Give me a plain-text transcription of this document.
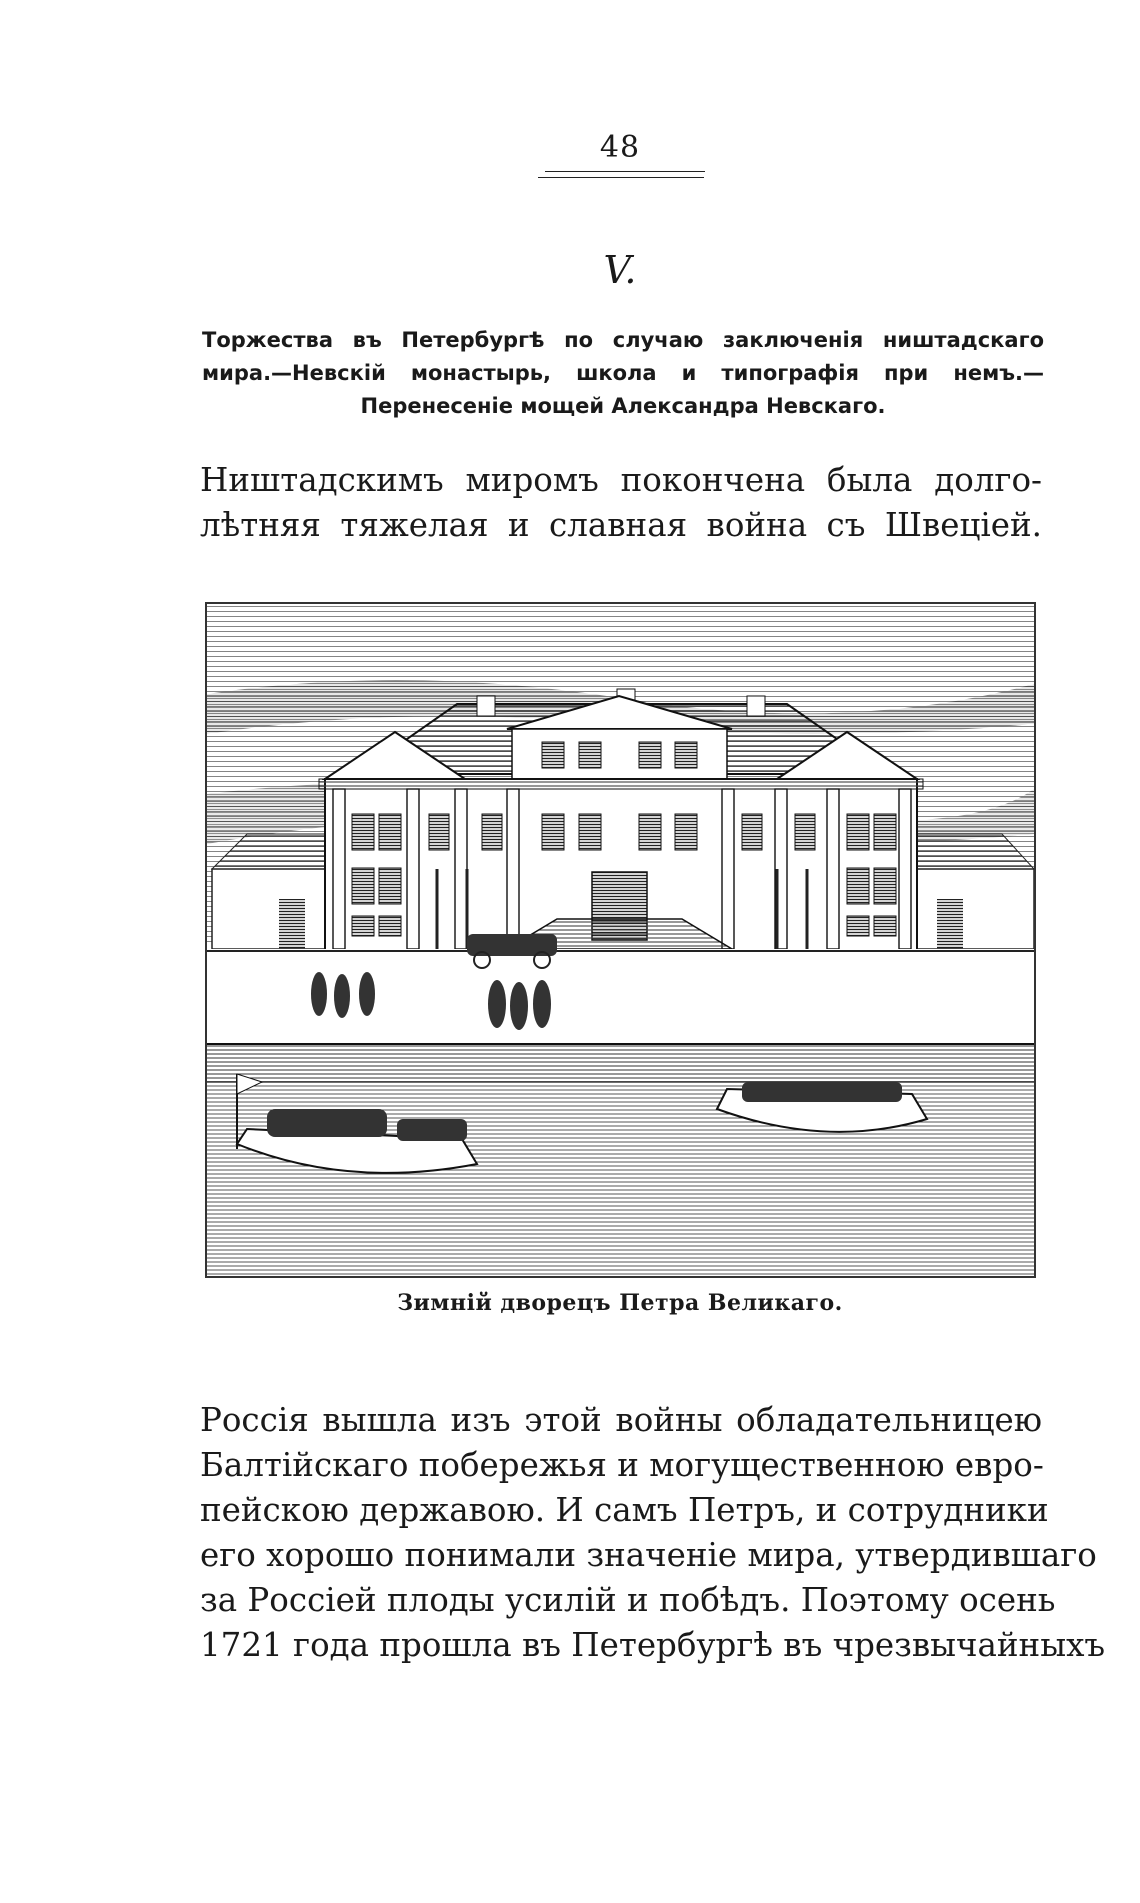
48
V.
Торжества въ Петербургѣ по случаю заключенія ништадскаго
мира.—Невскій монастырь, школа и типографія при немъ.—
Перенесеніе мощей Александра Невскаго.
Ништадскимъ миромъ покончена была долго-
лѣтняя тяжелая и славная война съ Швеціей.
Зимній дворецъ Петра Великаго.
Россія вышла изъ этой войны обладательницею
Балтійскаго побережья и могущественною евро-
пейскою державою. И самъ Петръ, и сотрудники
его хорошо понимали значеніе мира, утвердившаго
за Россіей плоды усилій и побѣдъ. Поэтому осень
1721 года прошла въ Петербургѣ въ чрезвычайныхъ
